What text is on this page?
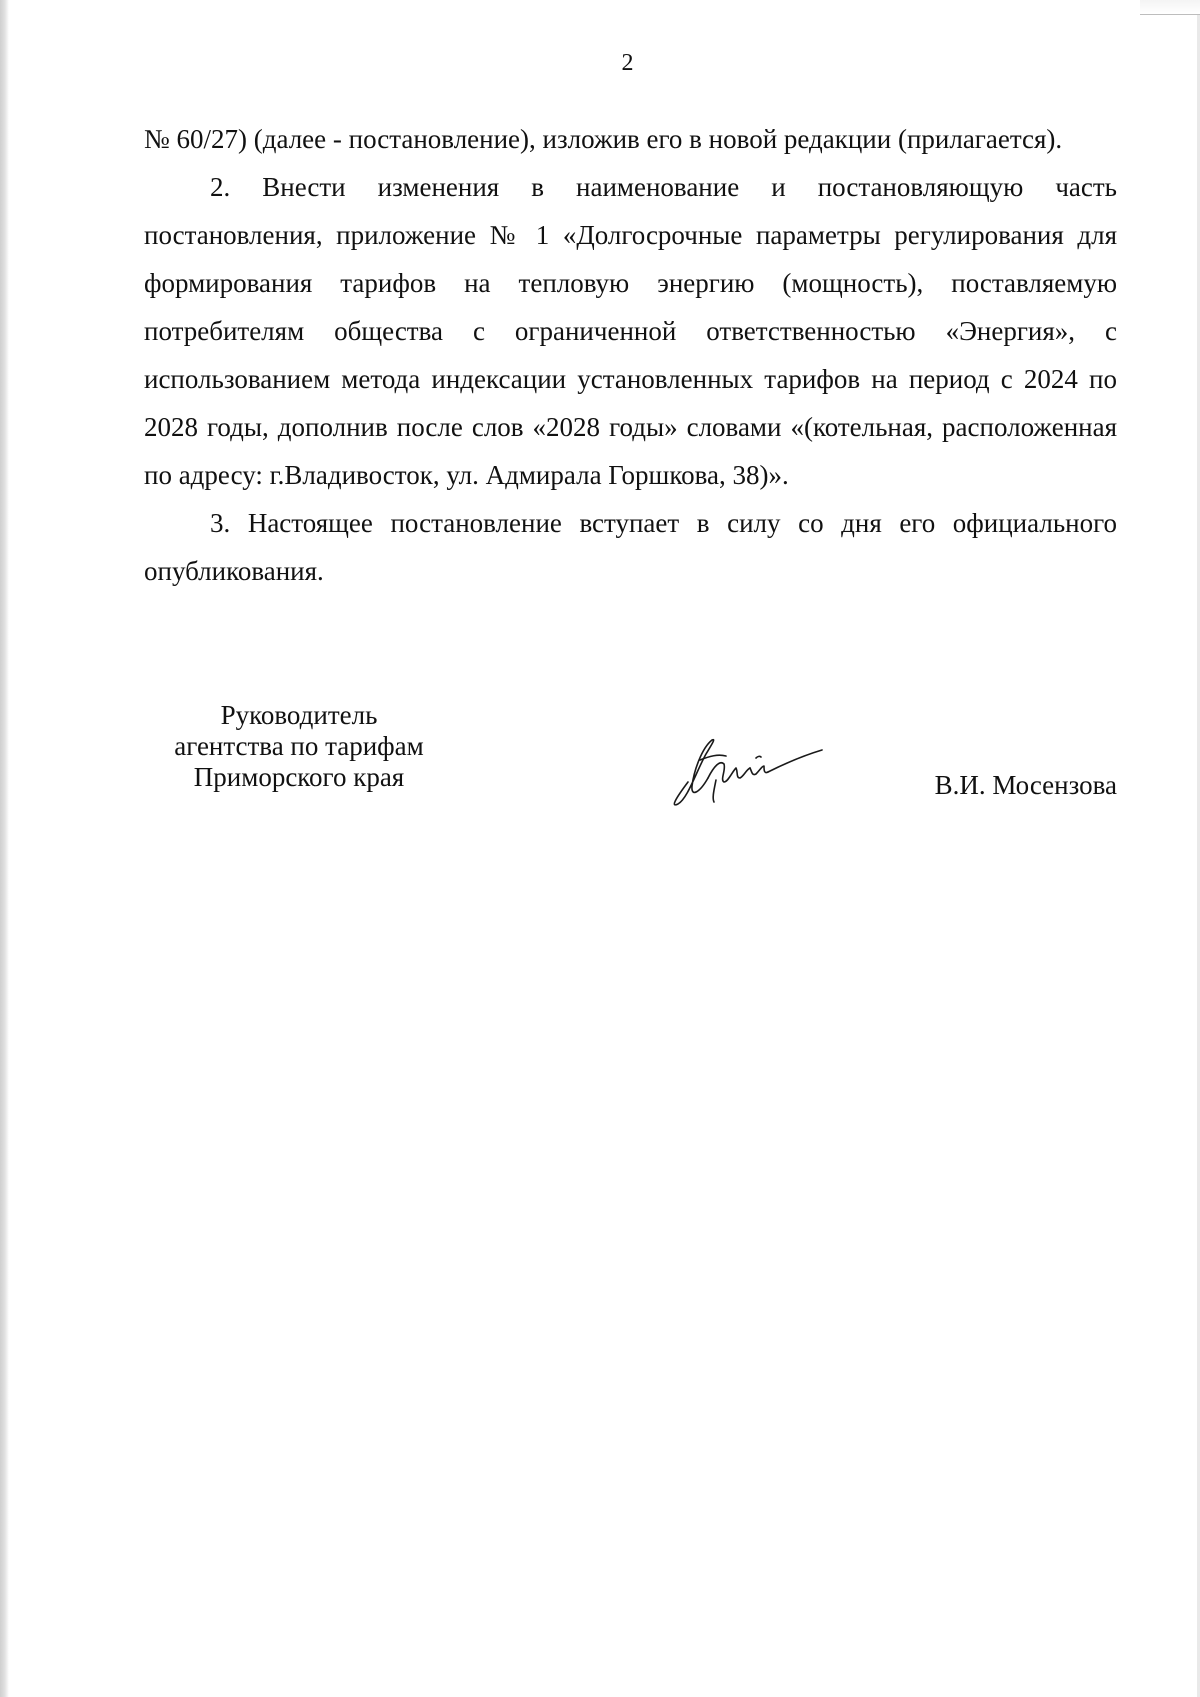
2

№ 60/27) (далее - постановление), изложив его в новой редакции (прилагается).

2. Внести изменения в наименование и постановляющую часть постановления, приложение № 1 «Долгосрочные параметры регулирования для формирования тарифов на тепловую энергию (мощность), поставляемую потребителям общества с ограниченной ответственностью «Энергия», с использованием метода индексации установленных тарифов на период с 2024 по 2028 годы, дополнив после слов «2028 годы» словами «(котельная, расположенная по адресу: г.Владивосток, ул. Адмирала Горшкова, 38)».

3. Настоящее постановление вступает в силу со дня его официального опубликования.

Руководитель
агентства по тарифам
Приморского края	В.И. Мосензова
